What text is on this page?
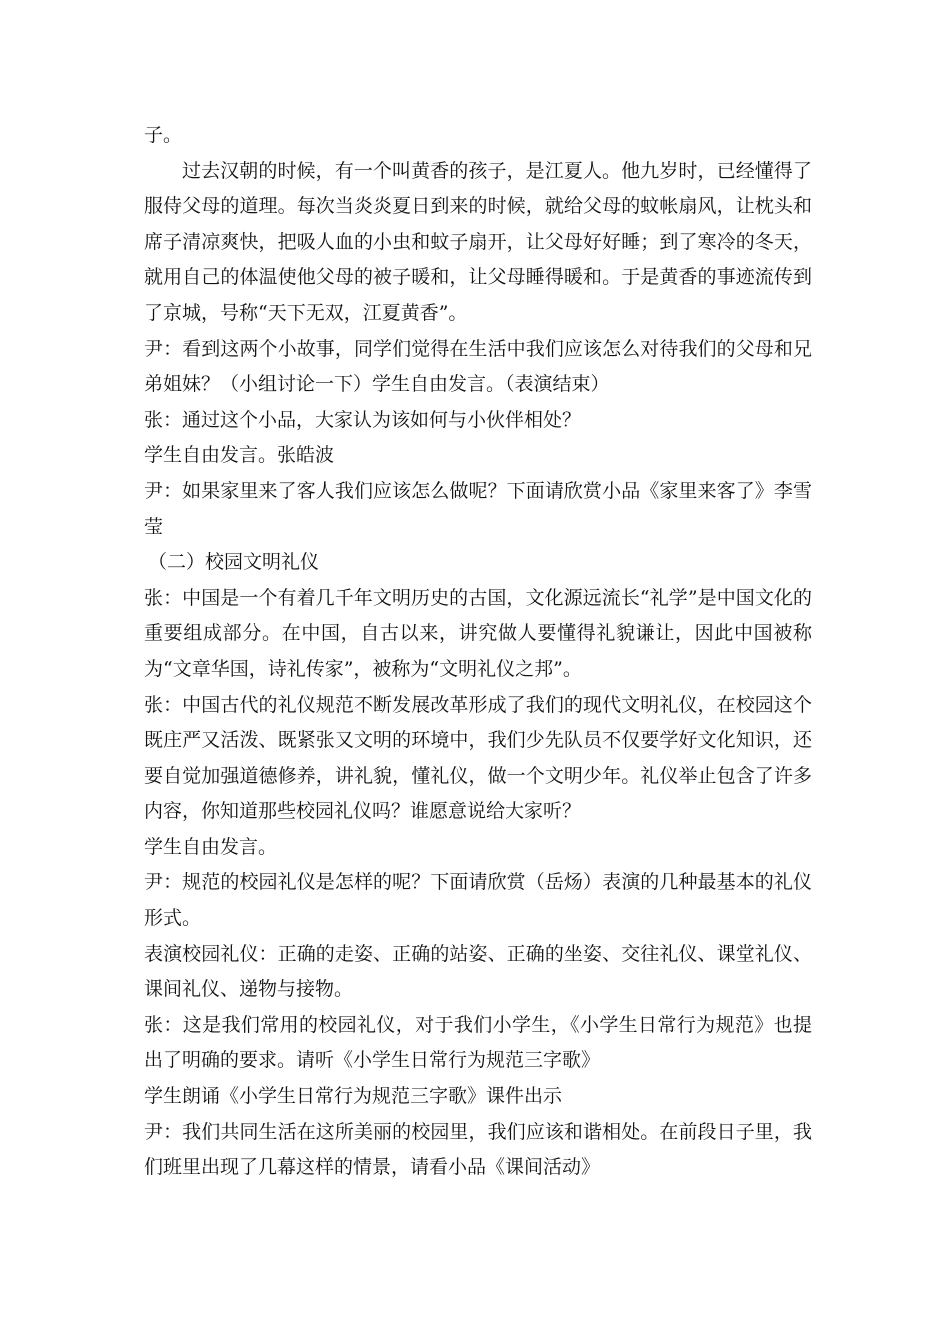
子。

过去汉朝的时候，有一个叫黄香的孩子，是江夏人。他九岁时，已经懂得了服侍父母的道理。每次当炎炎夏日到来的时候，就给父母的蚊帐扇风，让枕头和席子清凉爽快，把吸人血的小虫和蚊子扇开，让父母好好睡；到了寒冷的冬天，就用自己的体温使他父母的被子暖和，让父母睡得暖和。于是黄香的事迹流传到了京城，号称“天下无双，江夏黄香”。

尹：看到这两个小故事，同学们觉得在生活中我们应该怎么对待我们的父母和兄弟姐妹？（小组讨论一下）学生自由发言。（表演结束）

张：通过这个小品，大家认为该如何与小伙伴相处？

学生自由发言。张皓波

尹：如果家里来了客人我们应该怎么做呢？下面请欣赏小品《家里来客了》李雪莹

（二）校园文明礼仪

张：中国是一个有着几千年文明历史的古国，文化源远流长“礼学”是中国文化的重要组成部分。在中国，自古以来，讲究做人要懂得礼貌谦让，因此中国被称为“文章华国，诗礼传家”，被称为“文明礼仪之邦”。

张：中国古代的礼仪规范不断发展改革形成了我们的现代文明礼仪，在校园这个既庄严又活泼、既紧张又文明的环境中，我们少先队员不仅要学好文化知识，还要自觉加强道德修养，讲礼貌，懂礼仪，做一个文明少年。礼仪举止包含了许多内容，你知道那些校园礼仪吗？谁愿意说给大家听？

学生自由发言。

尹：规范的校园礼仪是怎样的呢？下面请欣赏（岳炀）表演的几种最基本的礼仪形式。

表演校园礼仪：正确的走姿、正确的站姿、正确的坐姿、交往礼仪、课堂礼仪、课间礼仪、递物与接物。

张：这是我们常用的校园礼仪，对于我们小学生，《小学生日常行为规范》也提出了明确的要求。请听《小学生日常行为规范三字歌》

学生朗诵《小学生日常行为规范三字歌》课件出示

尹：我们共同生活在这所美丽的校园里，我们应该和谐相处。在前段日子里，我们班里出现了几幕这样的情景，请看小品《课间活动》
